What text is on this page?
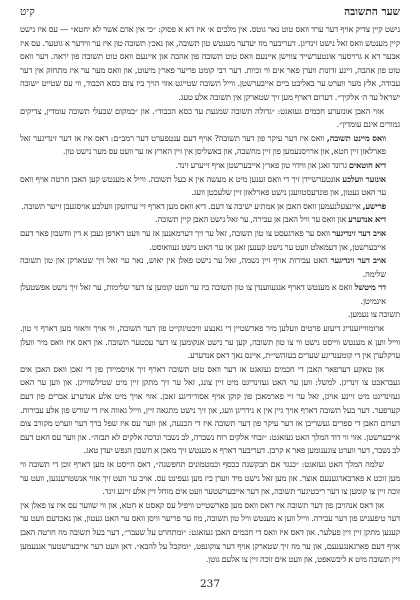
שער התשובה
קיט

נישט קיין צדיק אויף דער ערד וואס טוט נאר גוטס. אין מלכים א׳ איז דא א פסוק: ״כי אין אדם אשר לא יחטא״ — עס איז נישט קיין מענטש וואס זאל נישט זינדיגן. דעריבער מוז יעדער מענטש טון תשובה, און נאכ׳ן תשובה טון איז ער ווידער א גוטער. עס איז אבער דא א גרויסער אונטערשייד צווישן איינעם וואס טוט תשובה פון אהבה און איינעם וואס טוט תשובה פון יראה. דער וואס טוט פון אהבה, זיינע זדונות ווערן פאר אים ווי זכיות. דער רבי קומט פריער פאר׳ן מיעוט, און וואס מער ער איז מתחזק אין דער עבודה, אלץ מער ווערט ער באליבט ביים אייבערשטן. ווייל תשובה שטייגט אזוי הויך ביז צום כסא הכבוד, ווי עס שטייט ״שובה ישראל עד ה׳ אלקיך״. דערום דארף מען זיך שטארקן אין תשובה אלע טעג.

אזוי האבן אונזערע חכמים געזאגט: ״גדולה תשובה שמגעת עד כסא הכבוד״. און ״במקום שבעלי תשובה עומדין, צדיקים גמורים אינם עומדין״.

וואס מיינט תשובה, וואס איז דער עיקר פון דער תשובה? אויף דעם ענטפערט דער רמב״ם: דאס איז אז דער זינדיגער זאל פארלאזן זיין חטא, און ארויסנעמען פון זיין מחשבה, און באשליסן אין זיין הארץ אז ער וועט עס מער נישט טון.

דיא חוטאים גרונד זאגן און ווידוי טון פאר׳ן אייבערשטן אויף זייערע זינד.

אונזער וועלכע אונטערשיידן זיך די וואס זענען מיט א מעשה אין א בעל תשובה. ווייל א מענטש קען האבן חרטה אויף וואס ער האט געטון, און פונדעסטוועגן נישט פארלאזן זיין שלעכטן וועג.

פרישע, איינצעלנעמען וואס האבן אן אמת׳ע ישיבה צו דעם. דיא וואס מען דארף זיי ערוועקן וועלכע אויסגעבן זייער תשובה.

דיא אנדערע און וואס ער וויל האבן אן עבירה, ער זאל נישט האבן קיין תשובה.

אויב דער זינדיגער וואס ער פארגעסט צו טון תשובה, זאל ער זיך דערמאנען אז ער וועט דארפן געבן א דין וחשבון פאר דעם אייבערשטן, און דעמאלט וועט ער נישט קענען זאגן אז ער האט נישט געוואוסט.

אויב דער זינדיגער האט עבירות אויף זיין נשמה, זאל ער נישט פאלן אין יאוש, נאר ער זאל זיך שטארקן און טון תשובה שלימה.

דר מיטשל וואס א מענטש דארף אנגעווענדן צו טון תשובה ביז ער וועט קומען צו דער שלימות, ער זאל זיך נישט אפשטעלן אינמיטן.

תשובה צו נעמען.

ארומווייזענדיג דיעזע פרטים וועלען מיר פארשטיין די גאנצע וויכטיגקייט פון דער תשובה, ווי אויך וויאזוי מען דארף זי טון. ווייל ווען א מענטש ווייסט נישט ווי צו טון תשובה, קען ער נישט אנקומען צו דער עכטער תשובה. און דאס איז וואס מיר וועלן ערקלערן אין די קומענדיגע שערים בעזהשי״ת, איינס נאך דאס אנדערע.

און טאקע דערפאר האבן די חכמים געזאגט אז דער וואס טוט תשובה דארף זיך אויסמיידן פון די זאכן וואס האבן אים געבראכט צו זינדיגן. למשל: ווען ער האט געזינדיגט מיט זיין צונג, זאל ער זיך מתקן זיין מיט שטילשווייגן. און ווען ער האט געזינדיגט מיט זיינע אויגן, זאל ער זיי פארמאכן פון קוקן אויף אסור׳דיגע זאכן. אזוי אויך מיט אלע אנדערע אברים פון דעם קערפער. דער בעל תשובה דארף אויך גיין אין א נידריגן וועג, און זיך נישט מתגאה זיין, ווייל גאווה איז די שורש פון אלע עבירות. דערום האבן די ספרים געשריבן אז דער עיקר פון דער תשובה איז די הכנעה, און ווער עס איז שפל ברך דער ווערט מקורב צום אייבערשטן. אזוי ווי דוד המלך האט געזאגט: ״זבחי אלקים רוח נשברה, לב נשבר ונדכה אלקים לא תבזה״. און ווער עס האט דעם לב נשבר, דער ווערט צוגענומען פאר א קרבן. דעריבער דארף א מענטש זיך מאכן א חשבון הנפש יעדן טאג.

שלמה המלך האט געזאגט: ״כנגד אם תבקשנה ככסף וכמטמונים תחפשנה״, דאס הייסט אז מען דארף זוכן די תשובה ווי מען זוכט א פארבארגענעם אוצר. און מען זאל נישט מיד ווערן ביז מען געפינט עס. אויב ער וועט זיך אזוי אנשטרענגען, וועט ער זוכה זיין צו קומען צו דער ריכטיגער תשובה, און דער אייבערשטער וועט אים מוחל זיין אלע זיינע זינד.

און דאס אנהויבן פון דער תשובה איז דאס וואס מען פארשטייט וויפיל עס קאסט א חטא, און ווי שווער עס איז צו פאלן אין דער טיפעניש פון דער עבירה. ווייל ווען א מענטש וויל טון תשובה, מוז ער פריער וויסן וואס ער האט געטון, און נאכדעם וועט ער קענען מתקן זיין זיין פעלער. און דאס איז וואס די חכמים האבן געזאגט: ״ומתחרט על שעבר״, דער בעל תשובה מוז חרטה האבן אויף דעם פארגאנגענעם, און ער מוז זיך שטארקן אויף דער צוקונפט, ״ומקבל על להבא״. דאן וועט דער אייבערשטער אננעמען זיין תשובה מיט א ליבשאפט, און וועט אים זוכה זיין צו אלעם גוטן.

237
